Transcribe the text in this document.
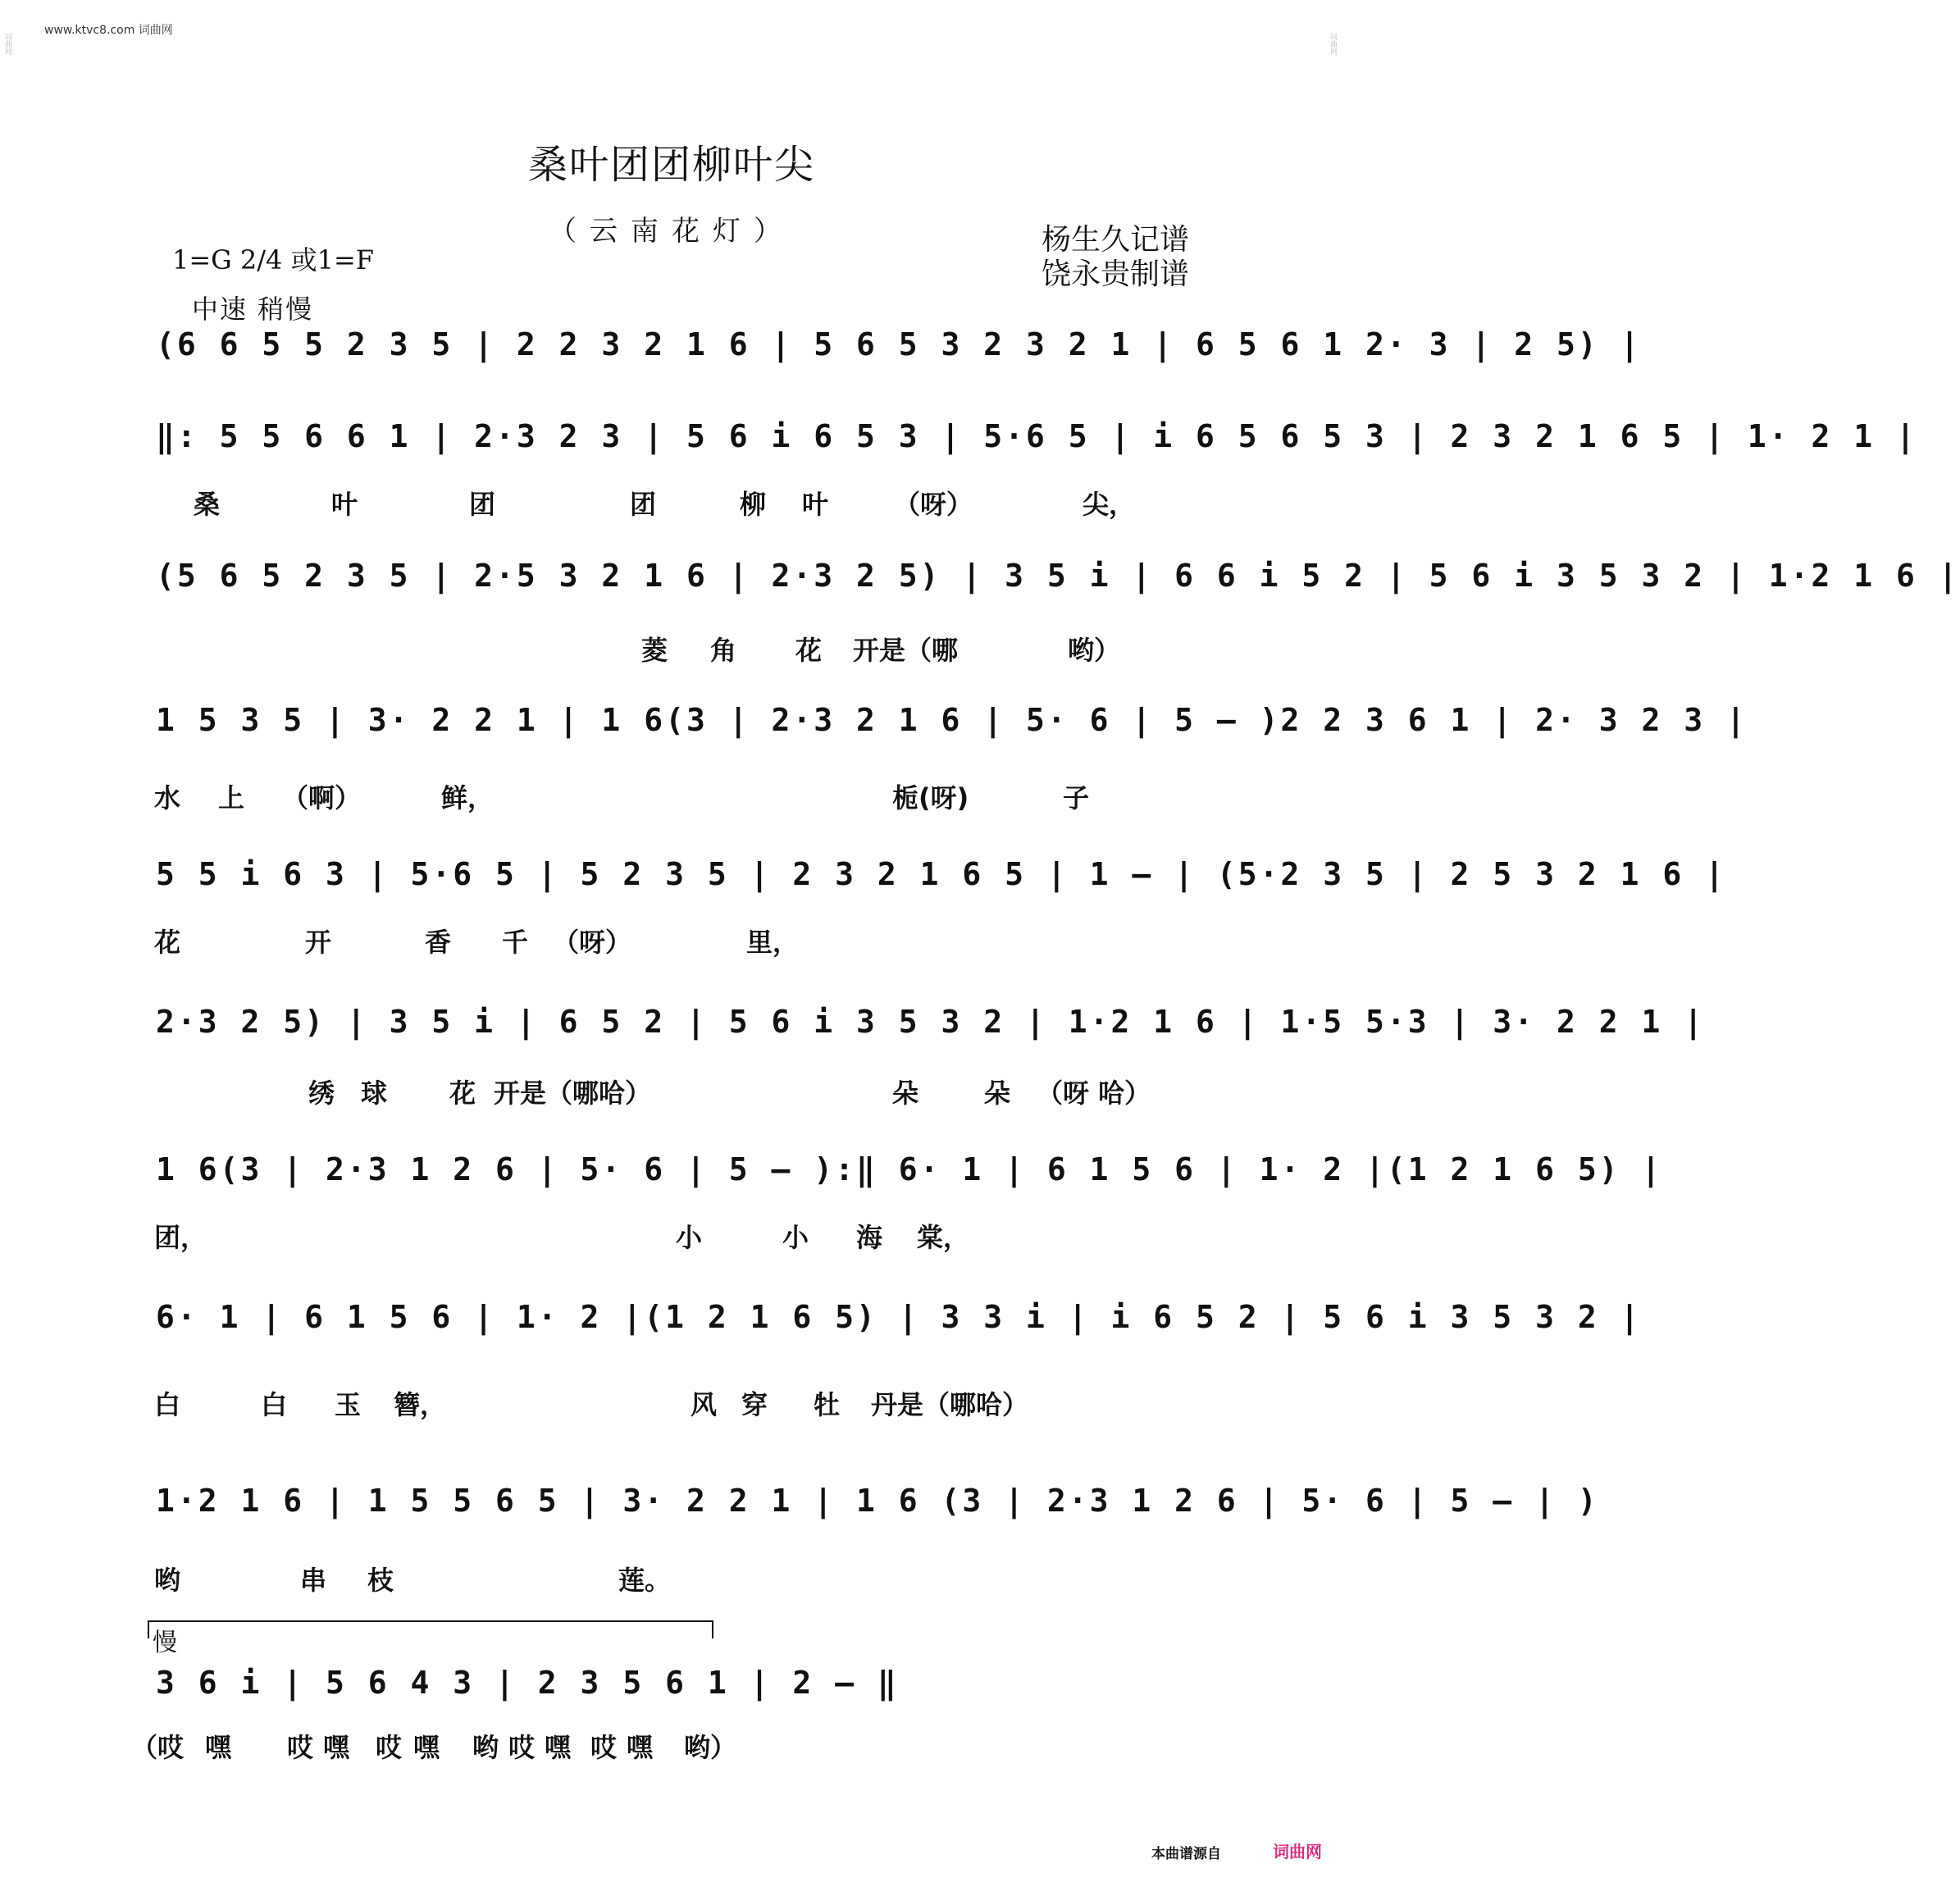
www.ktvc8.com 词曲网
桑叶团团柳叶尖
（云南花灯）	杨生久记谱
饶永贵制谱
1=G 2/4 或1=F
中速 稍慢
(6 6 5 5 2 3 5 | 2 2 3 2 1 6 | 5 6 5 3 2 3 2 1 | 6 5 6 1 2· 3 | 2 5) |
‖: 5 5 6 6 1 | 2·3 2 3 | 5 6 i 6 5 3 | 5·6 5 | i 6 5 6 5 3 | 2 3 2 1 6 5 | 1· 2 1 |
桑	叶	团	团	柳 叶 （呀）	尖，
(5 6 5 2 3 5 | 2·5 3 2 1 6 | 2·3 2 5) | 3 5 i | 6 6 i 5 2 | 5 6 i 3 5 3 2 | 1·2 1 6 |
菱 角 花 开是（哪	哟）
1 5 3 5 | 3· 2 2 1 | 1 6(3 | 2·3 2 1 6 | 5· 6 | 5 – )2 2 3 6 1 | 2· 3 2 3 |
水 上 （啊）	鲜，	栀(呀)	子
5 5 i 6 3 | 5·6 5 | 5 2 3 5 | 2 3 2 1 6 5 | 1 – | (5·2 3 5 | 2 5 3 2 1 6 |
花	开	香 千 （呀）	里，
2·3 2 5) | 3 5 i | 6 5 2 | 5 6 i 3 5 3 2 | 1·2 1 6 | 1·5 5·3 | 3· 2 2 1 |
绣 球 花 开是（哪哈）	朵 朵 （呀 哈）
1 6(3 | 2·3 1 2 6 | 5· 6 | 5 – ):‖ 6· 1 | 6 1 5 6 | 1· 2 |(1 2 1 6 5) |
团，	小	小 海 棠，
6· 1 | 6 1 5 6 | 1· 2 |(1 2 1 6 5) | 3 3 i | i 6 5 2 | 5 6 i 3 5 3 2 |
白	白 玉 簪，	风 穿 牡 丹是（哪哈）
1·2 1 6 | 1 5 5 6 5 | 3· 2 2 1 | 1 6 (3 | 2·3 1 2 6 | 5· 6 | 5 – | )
哟	串 枝	莲。
慢
3 6 i | 5 6 4 3 | 2 3 5 6 1 | 2 – ‖
（哎 嘿 哎 嘿 哎 嘿 哟 哎 嘿 哎 嘿 哟）
词曲网	词曲网
本曲谱源自	词曲网
